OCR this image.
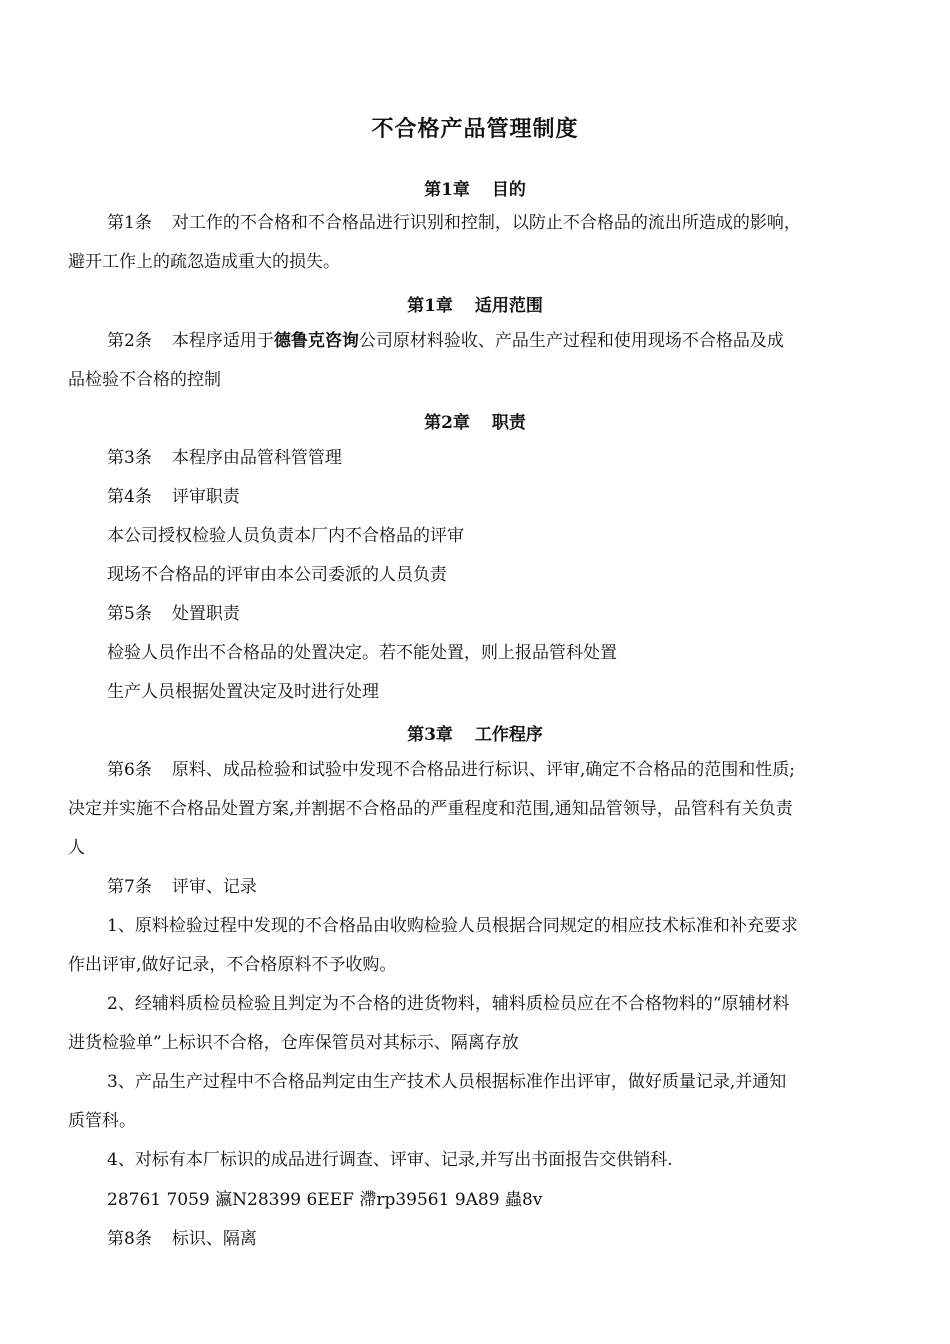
不合格产品管理制度
第1章 目的
第1条 对工作的不合格和不合格品进行识别和控制，以防止不合格品的流出所造成的影响，
避开工作上的疏忽造成重大的损失。
第1章 适用范围
第2条 本程序适用于德鲁克咨询公司原材料验收、产品生产过程和使用现场不合格品及成
品检验不合格的控制
第2章 职责
第3条 本程序由品管科管管理
第4条 评审职责
本公司授权检验人员负责本厂内不合格品的评审
现场不合格品的评审由本公司委派的人员负责
第5条 处置职责
检验人员作出不合格品的处置决定。若不能处置，则上报品管科处置
生产人员根据处置决定及时进行处理
第3章 工作程序
第6条 原料、成品检验和试验中发现不合格品进行标识、评审,确定不合格品的范围和性质;
决定并实施不合格品处置方案,并割据不合格品的严重程度和范围,通知品管领导，品管科有关负责
人
第7条 评审、记录
1、原料检验过程中发现的不合格品由收购检验人员根据合同规定的相应技术标准和补充要求
作出评审,做好记录，不合格原料不予收购。
2、经辅料质检员检验且判定为不合格的进货物料，辅料质检员应在不合格物料的“原辅材料
进货检验单”上标识不合格，仓库保管员对其标示、隔离存放
3、产品生产过程中不合格品判定由生产技术人员根据标准作出评审，做好质量记录,并通知
质管科。
4、对标有本厂标识的成品进行调查、评审、记录,并写出书面报告交供销科.
28761 7059 瀛N28399 6EEF 滯rp39561 9A89 蟲8v
第8条 标识、隔离
